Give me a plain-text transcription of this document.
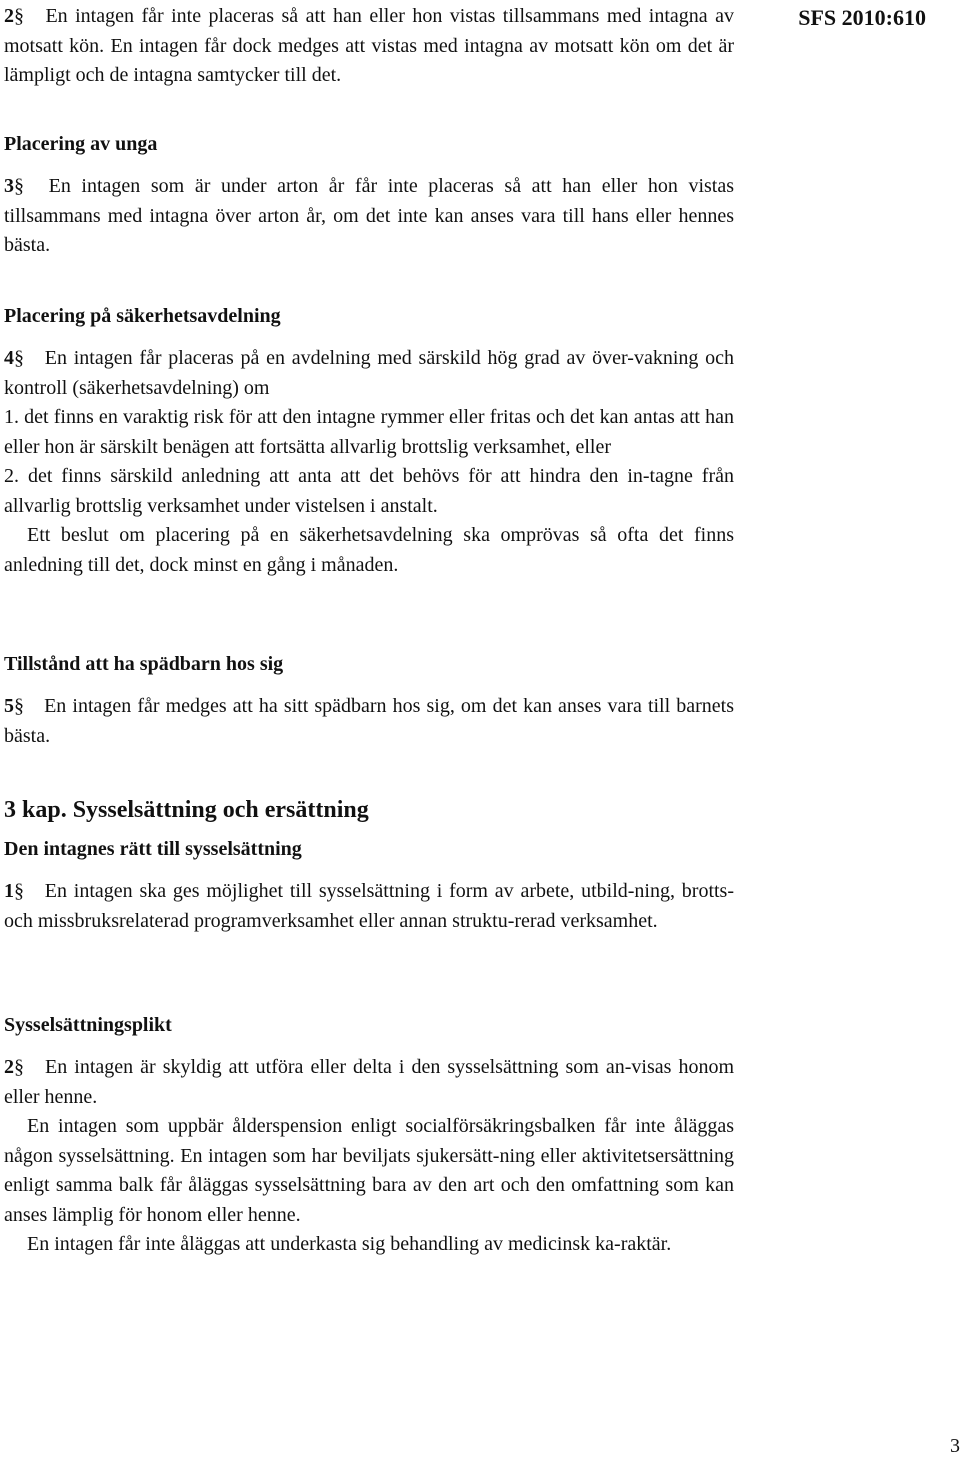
SFS 2010:610

2§ En intagen får inte placeras så att han eller hon vistas tillsammans med intagna av motsatt kön. En intagen får dock medges att vistas med intagna av motsatt kön om det är lämpligt och de intagna samtycker till det.

Placering av unga

3§ En intagen som är under arton år får inte placeras så att han eller hon vistas tillsammans med intagna över arton år, om det inte kan anses vara till hans eller hennes bästa.

Placering på säkerhetsavdelning

4§ En intagen får placeras på en avdelning med särskild hög grad av över-vakning och kontroll (säkerhetsavdelning) om

1. det finns en varaktig risk för att den intagne rymmer eller fritas och det kan antas att han eller hon är särskilt benägen att fortsätta allvarlig brottslig verksamhet, eller

2. det finns särskild anledning att anta att det behövs för att hindra den in-tagne från allvarlig brottslig verksamhet under vistelsen i anstalt.

Ett beslut om placering på en säkerhetsavdelning ska omprövas så ofta det finns anledning till det, dock minst en gång i månaden.

Tillstånd att ha spädbarn hos sig

5§ En intagen får medges att ha sitt spädbarn hos sig, om det kan anses vara till barnets bästa.

3 kap. Sysselsättning och ersättning

Den intagnes rätt till sysselsättning

1§ En intagen ska ges möjlighet till sysselsättning i form av arbete, utbild-ning, brotts- och missbruksrelaterad programverksamhet eller annan struktu-rerad verksamhet.

Sysselsättningsplikt

2§ En intagen är skyldig att utföra eller delta i den sysselsättning som an-visas honom eller henne.

En intagen som uppbär ålderspension enligt socialförsäkringsbalken får inte åläggas någon sysselsättning. En intagen som har beviljats sjukersätt-ning eller aktivitetsersättning enligt samma balk får åläggas sysselsättning bara av den art och den omfattning som kan anses lämplig för honom eller henne.

En intagen får inte åläggas att underkasta sig behandling av medicinsk ka-raktär.

3
